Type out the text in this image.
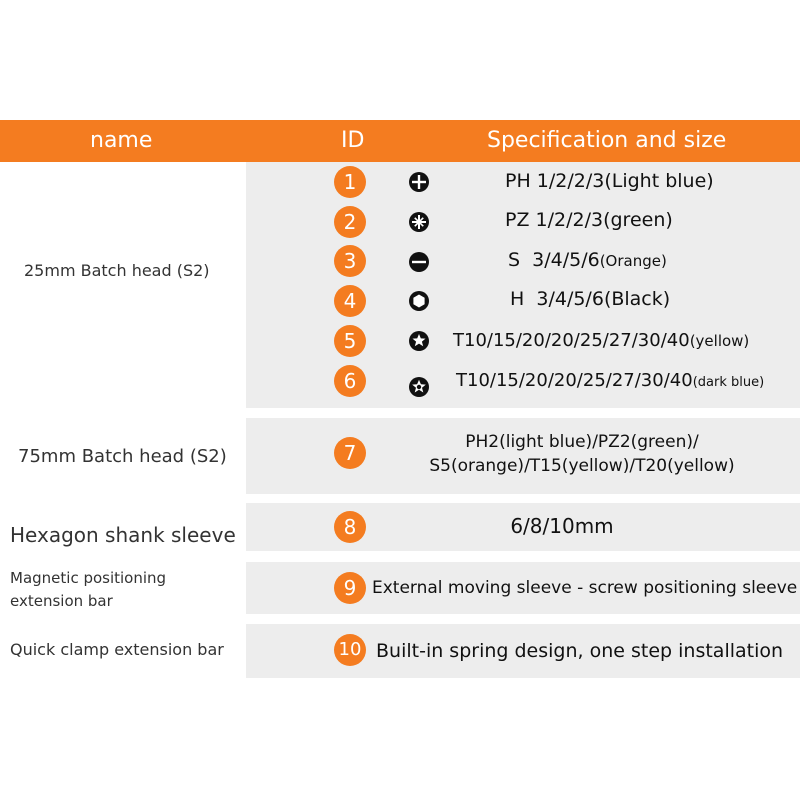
name	ID	Specification and size
25mm Batch head (S2)
1	PH 1/2/2/3(Light blue)
2	PZ 1/2/2/3(green)
3	S  3/4/5/6(Orange)
4	H  3/4/5/6(Black)
5	T10/15/20/20/25/27/30/40(yellow)
6	T10/15/20/20/25/27/30/40(dark blue)
75mm Batch head (S2)	7	PH2(light blue)/PZ2(green)/
S5(orange)/T15(yellow)/T20(yellow)
Hexagon shank sleeve	8	6/8/10mm
Magnetic positioning extension bar
9 External moving sleeve - screw positioning sleeve
Quick clamp extension bar	10 Built-in spring design, one step installation
